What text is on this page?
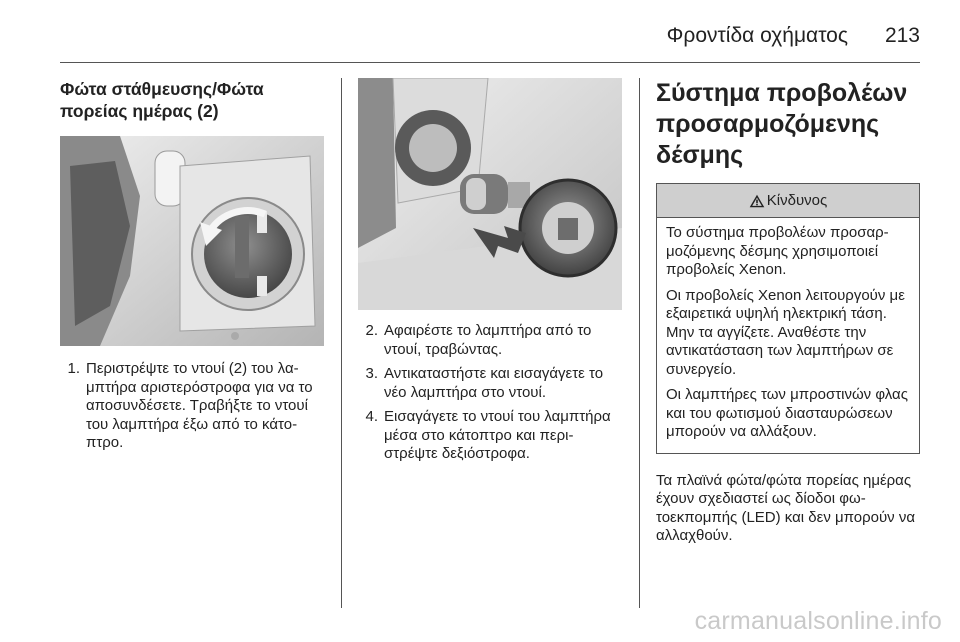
Φροντίδα οχήματος 213
Φώτα στάθμευσης/Φώτα πορείας ημέρας (2)
1. Περιστρέψτε το ντουί (2) του λαμπτήρα αριστερόστροφα για να το αποσυνδέσετε. Τραβήξτε το ντουί του λαμπτήρα έξω από το κάτοπτρο.
2. Αφαιρέστε το λαμπτήρα από το ντουί, τραβώντας.
3. Αντικαταστήστε και εισαγάγετε το νέο λαμπτήρα στο ντουί.
4. Εισαγάγετε το ντουί του λαμπτήρα μέσα στο κάτοπτρο και περιστρέψτε δεξιόστροφα.
Σύστημα προβολέων προσαρμοζόμενης δέσμης
Κίνδυνος

Το σύστημα προβολέων προσαρμοζόμενης δέσμης χρησιμοποιεί προβολείς Xenon.

Οι προβολείς Xenon λειτουργούν με εξαιρετικά υψηλή ηλεκτρική τάση. Μην τα αγγίζετε. Αναθέστε την αντικατάσταση των λαμπτήρων σε συνεργείο.

Οι λαμπτήρες των μπροστινών φλας και του φωτισμού διασταυρώσεων μπορούν να αλλάξουν.

Τα πλαϊνά φώτα/φώτα πορείας ημέρας έχουν σχεδιαστεί ως δίοδοι φωτοεκπομπής (LED) και δεν μπορούν να αλλαχθούν.

carmanualsonline.info
